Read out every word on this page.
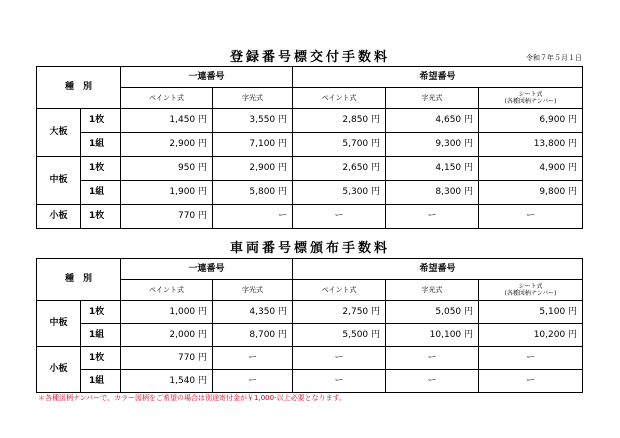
登録番号標交付手数料	令和７年５月１日
種　別		一連番号		希望番号		
		ペイント式	字光式	ペイント式	字光式	シート式
(各種図柄ナンバー)
大板	1枚	1,450 円	3,550 円	2,850 円	4,650 円	6,900 円
	1組	2,900 円	7,100 円	5,700 円	9,300 円	13,800 円
中板	1枚	950 円	2,900 円	2,650 円	4,150 円	4,900 円
	1組	1,900 円	5,800 円	5,300 円	8,300 円	9,800 円
小板	1枚	770 円	ー	ー	ー	ー
車両番号標頒布手数料
種　別		一連番号		希望番号		
		ペイント式	字光式	ペイント式	字光式	シート式
(各種図柄ナンバー)
中板	1枚	1,000 円	4,350 円	2,750 円	5,050 円	5,100 円
	1組	2,000 円	8,700 円	5,500 円	10,100 円	10,200 円
小板	1枚	770 円	ー	ー	ー	ー
	1組	1,540 円	ー	ー	ー	ー
＊各種図柄ナンバーで、カラー図柄をご希望の場合は別途寄付金が￥1,000-以上必要となります。
